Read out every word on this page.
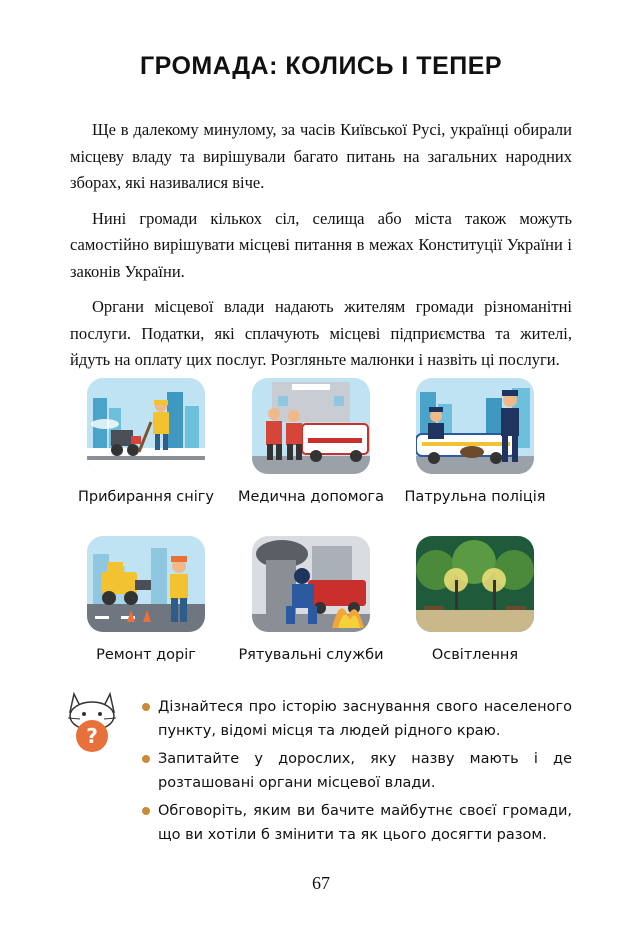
ГРОМАДА: КОЛИСЬ І ТЕПЕР

Ще в далекому минулому, за часів Київської Русі, українці обирали місцеву владу та вирішували багато питань на загальних народних зборах, які називалися віче.

Нині громади кількох сіл, селища або міста також можуть самостійно вирішувати місцеві питання в межах Конституції України і законів України.

Органи місцевої влади надають жителям громади різноманітні послуги. Податки, які сплачують місцеві підприємства та жителі, йдуть на оплату цих послуг. Розгляньте малюнки і назвіть ці послуги.

Прибирання снігу	Медична допомога	Патрульна поліція
Ремонт доріг	Рятувальні служби	Освітлення
?
Дізнайтеся про історію заснування свого населеного пункту, відомі місця та людей рідного краю.
Запитайте у дорослих, яку назву мають і де розташовані органи місцевої влади.
Обговоріть, яким ви бачите майбутнє своєї громади, що ви хотіли б змінити та як цього досягти разом.
67
